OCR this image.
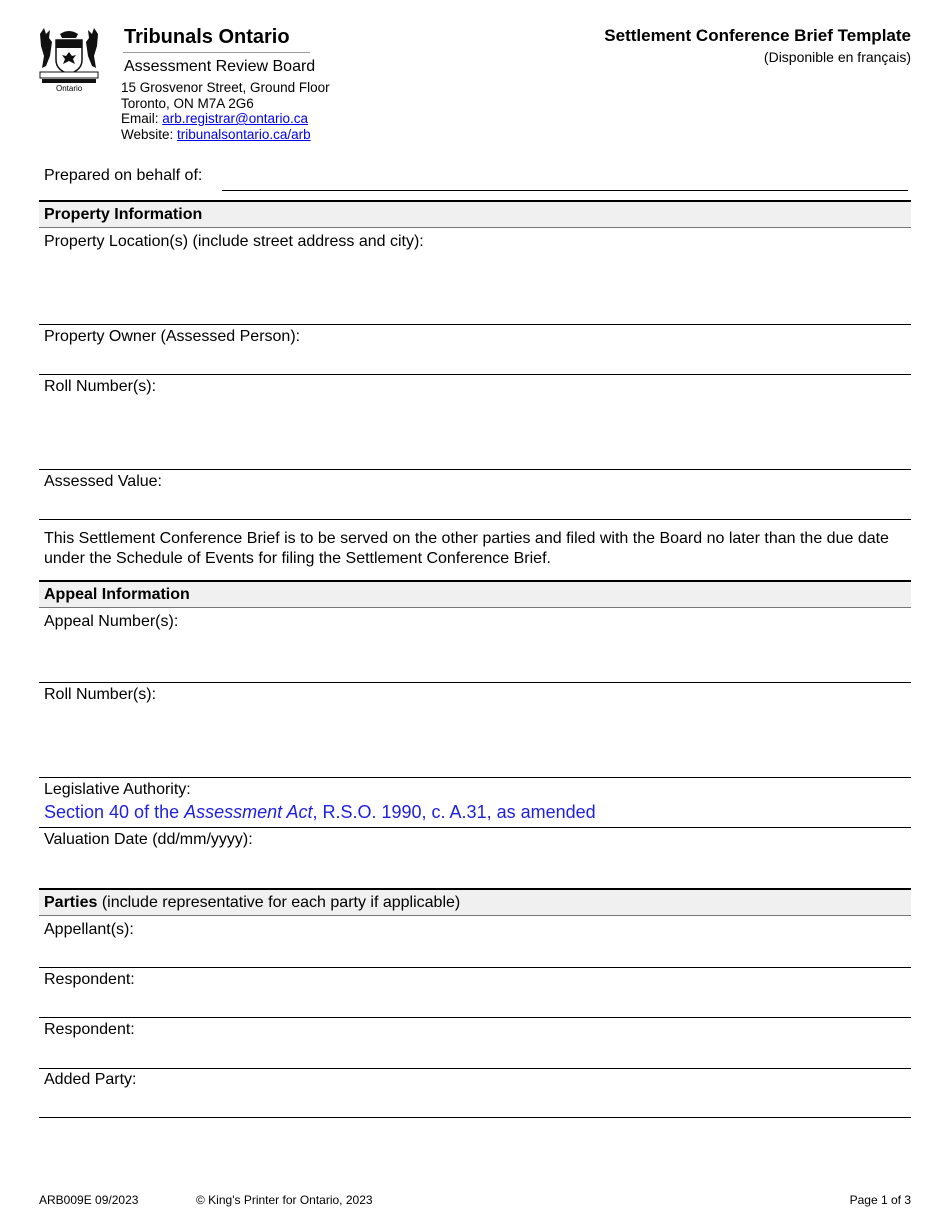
Ontario
Tribunals Ontario
Assessment Review Board
15 Grosvenor Street, Ground Floor
Toronto, ON M7A 2G6
Email: arb.registrar@ontario.ca
Website: tribunalsontario.ca/arb
Settlement Conference Brief Template
(Disponible en français)
Prepared on behalf of:
Property Information
Property Location(s) (include street address and city):
Property Owner (Assessed Person):
Roll Number(s):
Assessed Value:
This Settlement Conference Brief is to be served on the other parties and filed with the Board no later than the due date under the Schedule of Events for filing the Settlement Conference Brief.
Appeal Information
Appeal Number(s):
Roll Number(s):
Legislative Authority:
Section 40 of the Assessment Act, R.S.O. 1990, c. A.31, as amended
Valuation Date (dd/mm/yyyy):
Parties (include representative for each party if applicable)
Appellant(s):
Respondent:
Respondent:
Added Party:
ARB009E 09/2023	© King's Printer for Ontario, 2023	Page 1 of 3
